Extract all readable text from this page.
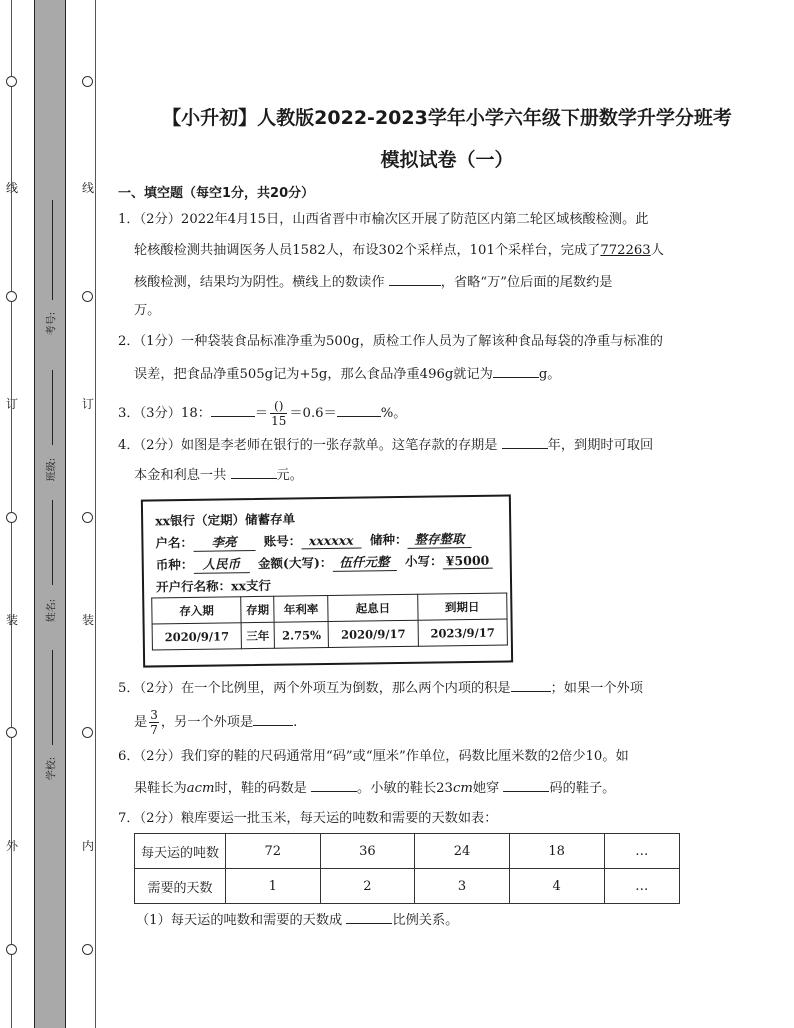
线
订
装
外
线
订
装
内
考号:
班级:
姓名:
学校:
【小升初】人教版2022-2023学年小学六年级下册数学升学分班考
模拟试卷（一）
一、填空题（每空1分，共20分）
1．（2分）2022年4月15日，山西省晋中市榆次区开展了防范区内第二轮区域核酸检测。此
轮核酸检测共抽调医务人员1582人，布设302个采样点，101个采样台，完成了772263人
核酸检测，结果均为阴性。横线上的数读作	，省略“万”位后面的尾数约是
万。
2．（1分）一种袋装食品标准净重为500g，质检工作人员为了解该种食品每袋的净重与标准的
误差，把食品净重505g记为+5g，那么食品净重496g就记为	g。
3．（3分）18：	＝ $\frac{()}{15} =0.6=$	%。
4．（2分）如图是李老师在银行的一张存款单。这笔存款的存期是	年，到期时可取回
本金和利息一共	元。
xx银行（定期）储蓄存单
户名： 李亮 账号： xxxxxx 储种： 整存整取
币种： 人民币 金额(大写)： 伍仟元整 小写： ¥5000
开户行名称：xx支行
存入期	存期	年利率	起息日	到期日
2020/9/17	三年	2.75%	2020/9/17	2023/9/17
5．（2分）在一个比例里，两个外项互为倒数，那么两个内项的积是	；如果一个外项
是 $\frac{3}{7}$ ，另一个外项是	.
6．（2分）我们穿的鞋的尺码通常用“码”或“厘米”作单位，码数比厘米数的2倍少10。如
果鞋长为acm时，鞋的码数是	。小敏的鞋长23cm她穿	码的鞋子。
7．（2分）粮库要运一批玉米，每天运的吨数和需要的天数如表：
每天运的吨数	72	36	24	18	…
需要的天数	1	2	3	4	…
（1）每天运的吨数和需要的天数成	比例关系。
